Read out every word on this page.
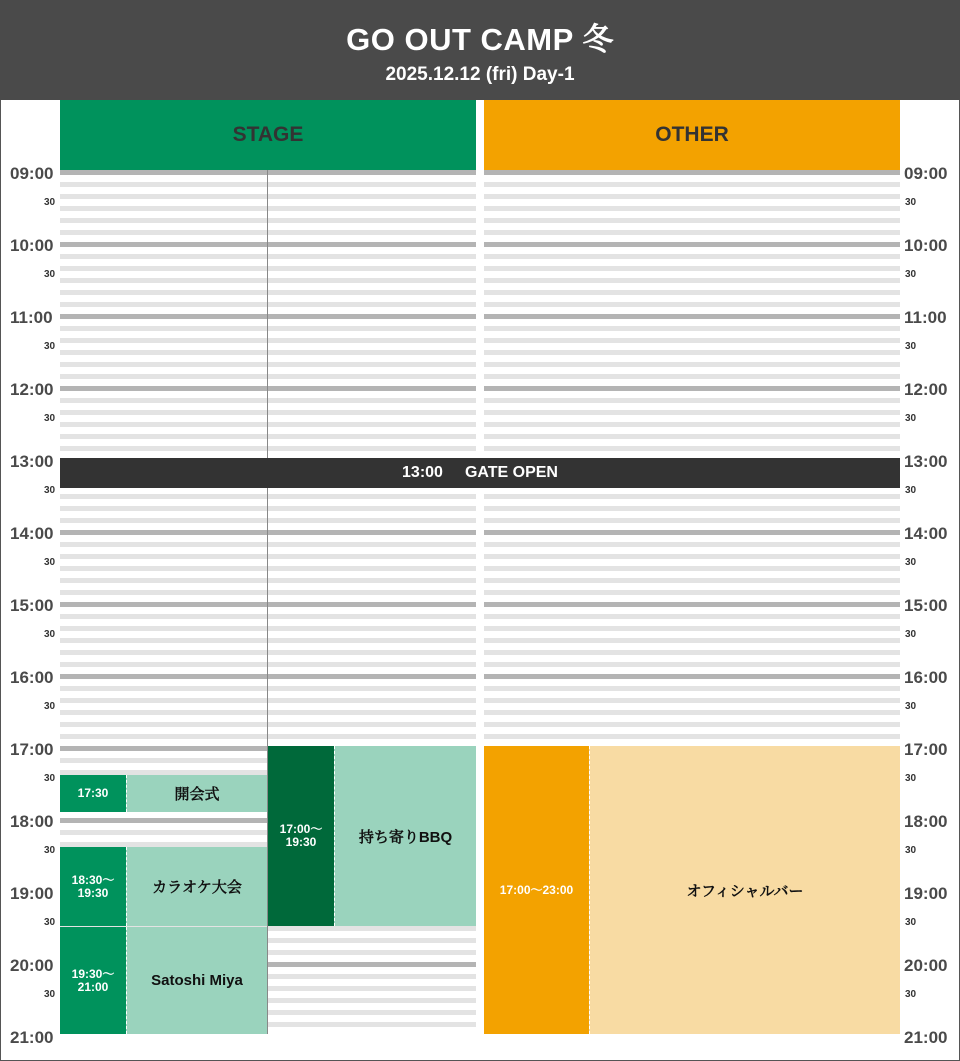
GO OUT CAMP 冬
2025.12.12 (fri) Day-1
STAGE	OTHER
09:00
30
10:00
30
11:00
30
12:00
30
13:00
30
14:00
30
15:00
30
16:00
30
17:00
30
18:00
30
19:00
30
20:00
30
21:00
09:00
30
10:00
30
11:00
30
12:00
30
13:00
30
14:00
30
15:00
30
16:00
30
17:00
30
18:00
30
19:00
30
20:00
30
21:00
13:00 GATE OPEN
17:30	開会式
18:30～
19:30	カラオケ大会
19:30～
21:00	Satoshi Miya
17:00～
19:30	持ち寄りBBQ
17:00～23:00	オフィシャルバー
